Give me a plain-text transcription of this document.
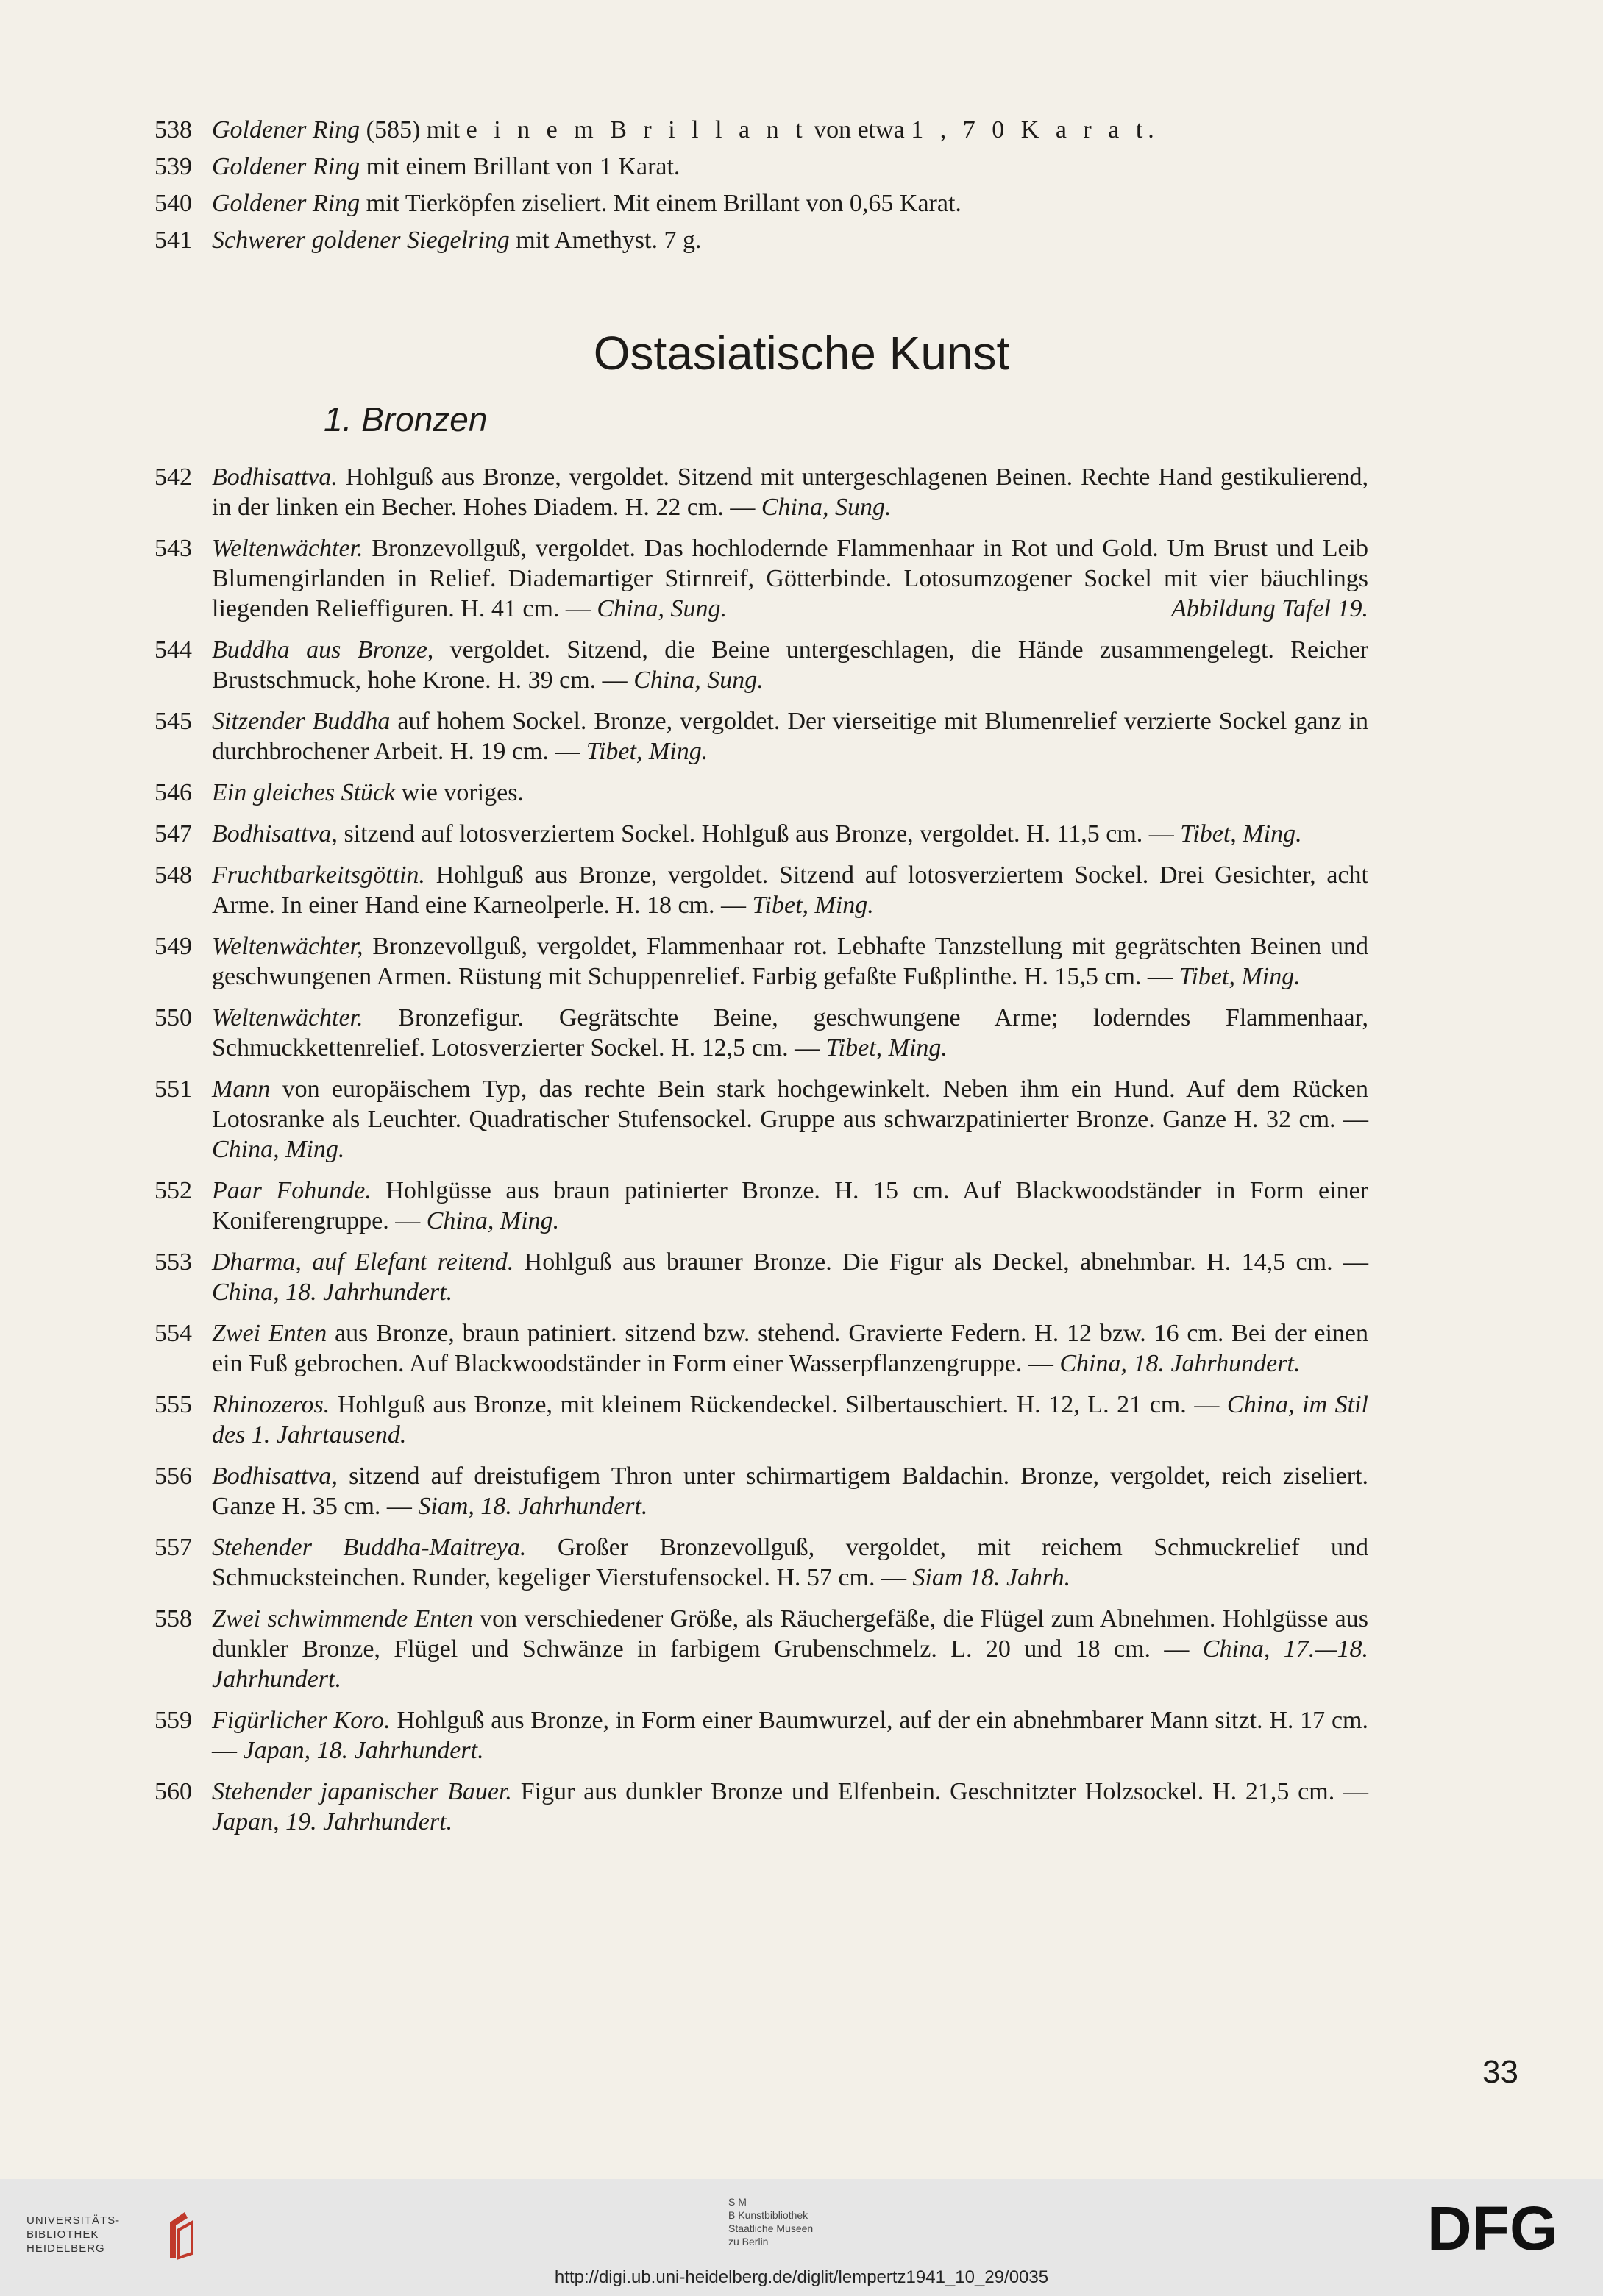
538 Goldener Ring (585) mit e i n e m B r i l l a n t von etwa 1 , 7 0 K a r a t.
539 Goldener Ring mit einem Brillant von 1 Karat.
540 Goldener Ring mit Tierköpfen ziseliert. Mit einem Brillant von 0,65 Karat.
541 Schwerer goldener Siegelring mit Amethyst. 7 g.
Ostasiatische Kunst
1. Bronzen
542 Bodhisattva. Hohlguß aus Bronze, vergoldet. Sitzend mit untergeschlagenen Beinen. Rechte Hand gestikulierend, in der linken ein Becher. Hohes Diadem. H. 22 cm. — China, Sung.
543 Weltenwächter. Bronzevollguß, vergoldet. Das hochlodernde Flammenhaar in Rot und Gold. Um Brust und Leib Blumengirlanden in Relief. Diademartiger Stirnreif, Götterbinde. Lotosumzogener Sockel mit vier bäuchlings liegenden Relieffiguren. H. 41 cm. — China, Sung.	Abbildung Tafel 19.
544 Buddha aus Bronze, vergoldet. Sitzend, die Beine untergeschlagen, die Hände zusammengelegt. Reicher Brustschmuck, hohe Krone. H. 39 cm. — China, Sung.
545 Sitzender Buddha auf hohem Sockel. Bronze, vergoldet. Der vierseitige mit Blumenrelief verzierte Sockel ganz in durchbrochener Arbeit. H. 19 cm. — Tibet, Ming.
546 Ein gleiches Stück wie voriges.
547 Bodhisattva, sitzend auf lotosverziertem Sockel. Hohlguß aus Bronze, vergoldet. H. 11,5 cm. — Tibet, Ming.
548 Fruchtbarkeitsgöttin. Hohlguß aus Bronze, vergoldet. Sitzend auf lotosverziertem Sockel. Drei Gesichter, acht Arme. In einer Hand eine Karneolperle. H. 18 cm. — Tibet, Ming.
549 Weltenwächter, Bronzevollguß, vergoldet, Flammenhaar rot. Lebhafte Tanzstellung mit gegrätschten Beinen und geschwungenen Armen. Rüstung mit Schuppenrelief. Farbig gefaßte Fußplinthe. H. 15,5 cm. — Tibet, Ming.
550 Weltenwächter. Bronzefigur. Gegrätschte Beine, geschwungene Arme; loderndes Flammenhaar, Schmuckkettenrelief. Lotosverzierter Sockel. H. 12,5 cm. — Tibet, Ming.
551 Mann von europäischem Typ, das rechte Bein stark hochgewinkelt. Neben ihm ein Hund. Auf dem Rücken Lotosranke als Leuchter. Quadratischer Stufensockel. Gruppe aus schwarzpatinierter Bronze. Ganze H. 32 cm. — China, Ming.
552 Paar Fohunde. Hohlgüsse aus braun patinierter Bronze. H. 15 cm. Auf Blackwoodständer in Form einer Koniferengruppe. — China, Ming.
553 Dharma, auf Elefant reitend. Hohlguß aus brauner Bronze. Die Figur als Deckel, abnehmbar. H. 14,5 cm. — China, 18. Jahrhundert.
554 Zwei Enten aus Bronze, braun patiniert. sitzend bzw. stehend. Gravierte Federn. H. 12 bzw. 16 cm. Bei der einen ein Fuß gebrochen. Auf Blackwoodständer in Form einer Wasserpflanzengruppe. — China, 18. Jahrhundert.
555 Rhinozeros. Hohlguß aus Bronze, mit kleinem Rückendeckel. Silbertauschiert. H. 12, L. 21 cm. — China, im Stil des 1. Jahrtausend.
556 Bodhisattva, sitzend auf dreistufigem Thron unter schirmartigem Baldachin. Bronze, vergoldet, reich ziseliert. Ganze H. 35 cm. — Siam, 18. Jahrhundert.
557 Stehender Buddha-Maitreya. Großer Bronzevollguß, vergoldet, mit reichem Schmuckrelief und Schmucksteinchen. Runder, kegeliger Vierstufensockel. H. 57 cm. — Siam 18. Jahrh.
558 Zwei schwimmende Enten von verschiedener Größe, als Räuchergefäße, die Flügel zum Abnehmen. Hohlgüsse aus dunkler Bronze, Flügel und Schwänze in farbigem Grubenschmelz. L. 20 und 18 cm. — China, 17.—18. Jahrhundert.
559 Figürlicher Koro. Hohlguß aus Bronze, in Form einer Baumwurzel, auf der ein abnehmbarer Mann sitzt. H. 17 cm. — Japan, 18. Jahrhundert.
560 Stehender japanischer Bauer. Figur aus dunkler Bronze und Elfenbein. Geschnitzter Holzsockel. H. 21,5 cm. — Japan, 19. Jahrhundert.
33
UNIVERSITÄTS-
BIBLIOTHEK
HEIDELBERG
S M
B Kunstbibliothek
Staatliche Museen
zu Berlin	DFG
http://digi.ub.uni-heidelberg.de/diglit/lempertz1941_10_29/0035
